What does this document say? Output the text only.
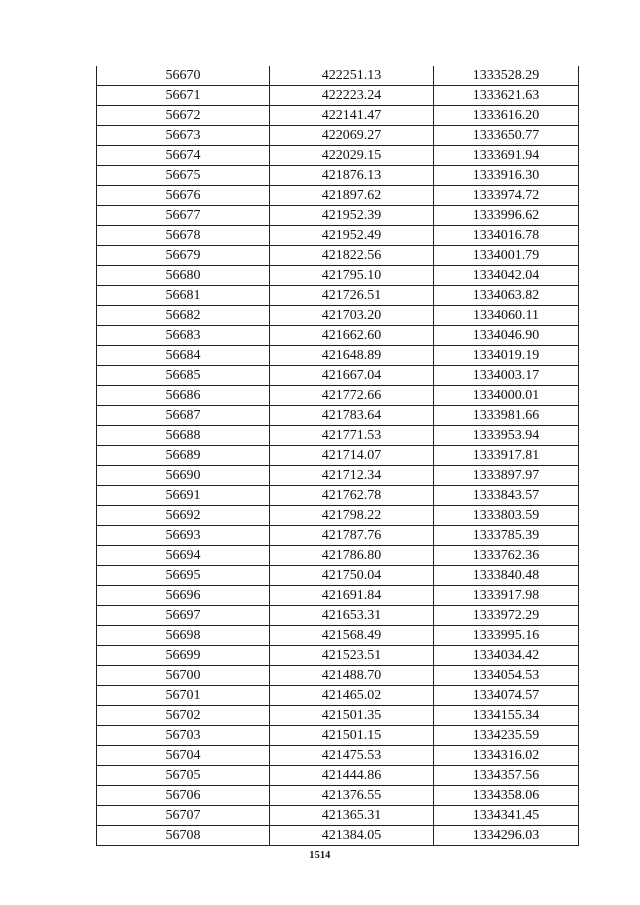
56670	422251.13	1333528.29
56671	422223.24	1333621.63
56672	422141.47	1333616.20
56673	422069.27	1333650.77
56674	422029.15	1333691.94
56675	421876.13	1333916.30
56676	421897.62	1333974.72
56677	421952.39	1333996.62
56678	421952.49	1334016.78
56679	421822.56	1334001.79
56680	421795.10	1334042.04
56681	421726.51	1334063.82
56682	421703.20	1334060.11
56683	421662.60	1334046.90
56684	421648.89	1334019.19
56685	421667.04	1334003.17
56686	421772.66	1334000.01
56687	421783.64	1333981.66
56688	421771.53	1333953.94
56689	421714.07	1333917.81
56690	421712.34	1333897.97
56691	421762.78	1333843.57
56692	421798.22	1333803.59
56693	421787.76	1333785.39
56694	421786.80	1333762.36
56695	421750.04	1333840.48
56696	421691.84	1333917.98
56697	421653.31	1333972.29
56698	421568.49	1333995.16
56699	421523.51	1334034.42
56700	421488.70	1334054.53
56701	421465.02	1334074.57
56702	421501.35	1334155.34
56703	421501.15	1334235.59
56704	421475.53	1334316.02
56705	421444.86	1334357.56
56706	421376.55	1334358.06
56707	421365.31	1334341.45
56708	421384.05	1334296.03
1514
